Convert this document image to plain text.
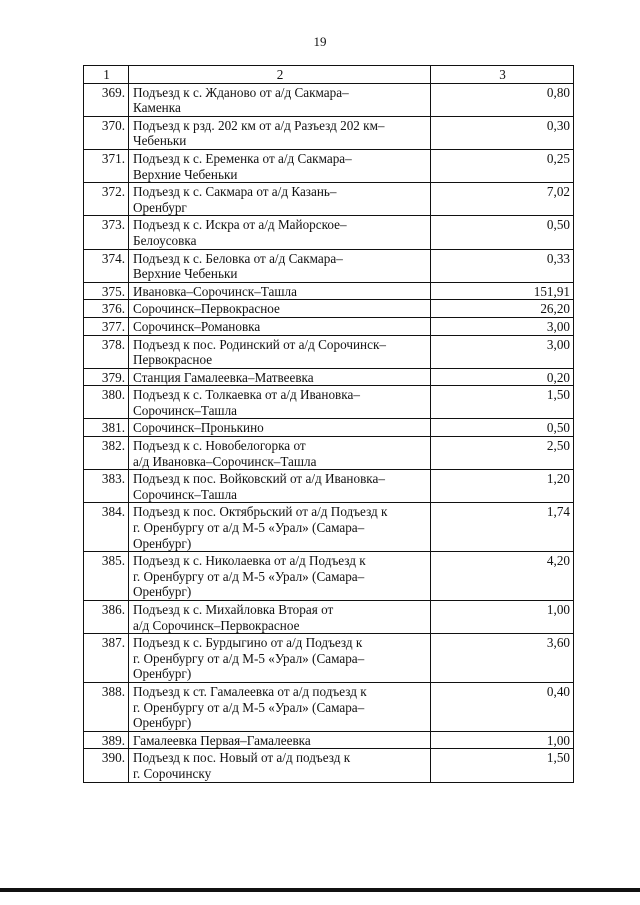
19
1	2	3
369.	Подъезд к с. Жданово от а/д Сакмара–
Каменка	0,80
370.	Подъезд к рзд. 202 км от а/д Разъезд 202 км–
Чебеньки	0,30
371.	Подъезд к с. Еременка от а/д Сакмара–
Верхние Чебеньки	0,25
372.	Подъезд к с. Сакмара от а/д Казань–
Оренбург	7,02
373.	Подъезд к с. Искра от а/д Майорское–
Белоусовка	0,50
374.	Подъезд к с. Беловка от а/д Сакмара–
Верхние Чебеньки	0,33
375.	Ивановка–Сорочинск–Ташла	151,91
376.	Сорочинск–Первокрасное	26,20
377.	Сорочинск–Романовка	3,00
378.	Подъезд к пос. Родинский от а/д Сорочинск–
Первокрасное	3,00
379.	Станция Гамалеевка–Матвеевка	0,20
380.	Подъезд к с. Толкаевка от а/д Ивановка–
Сорочинск–Ташла	1,50
381.	Сорочинск–Пронькино	0,50
382.	Подъезд к с. Новобелогорка от
а/д Ивановка–Сорочинск–Ташла	2,50
383.	Подъезд к пос. Войковский от а/д Ивановка–
Сорочинск–Ташла	1,20
384.	Подъезд к пос. Октябрьский от а/д Подъезд к
г. Оренбургу от а/д М-5 «Урал» (Самара–
Оренбург)	1,74
385.	Подъезд к с. Николаевка от а/д Подъезд к
г. Оренбургу от а/д М-5 «Урал» (Самара–
Оренбург)	4,20
386.	Подъезд к с. Михайловка Вторая от
а/д Сорочинск–Первокрасное	1,00
387.	Подъезд к с. Бурдыгино от а/д Подъезд к
г. Оренбургу от а/д М-5 «Урал» (Самара–
Оренбург)	3,60
388.	Подъезд к ст. Гамалеевка от а/д подъезд к
г. Оренбургу от а/д М-5 «Урал» (Самара–
Оренбург)	0,40
389.	Гамалеевка Первая–Гамалеевка	1,00
390.	Подъезд к пос. Новый от а/д подъезд к
г. Сорочинску	1,50
